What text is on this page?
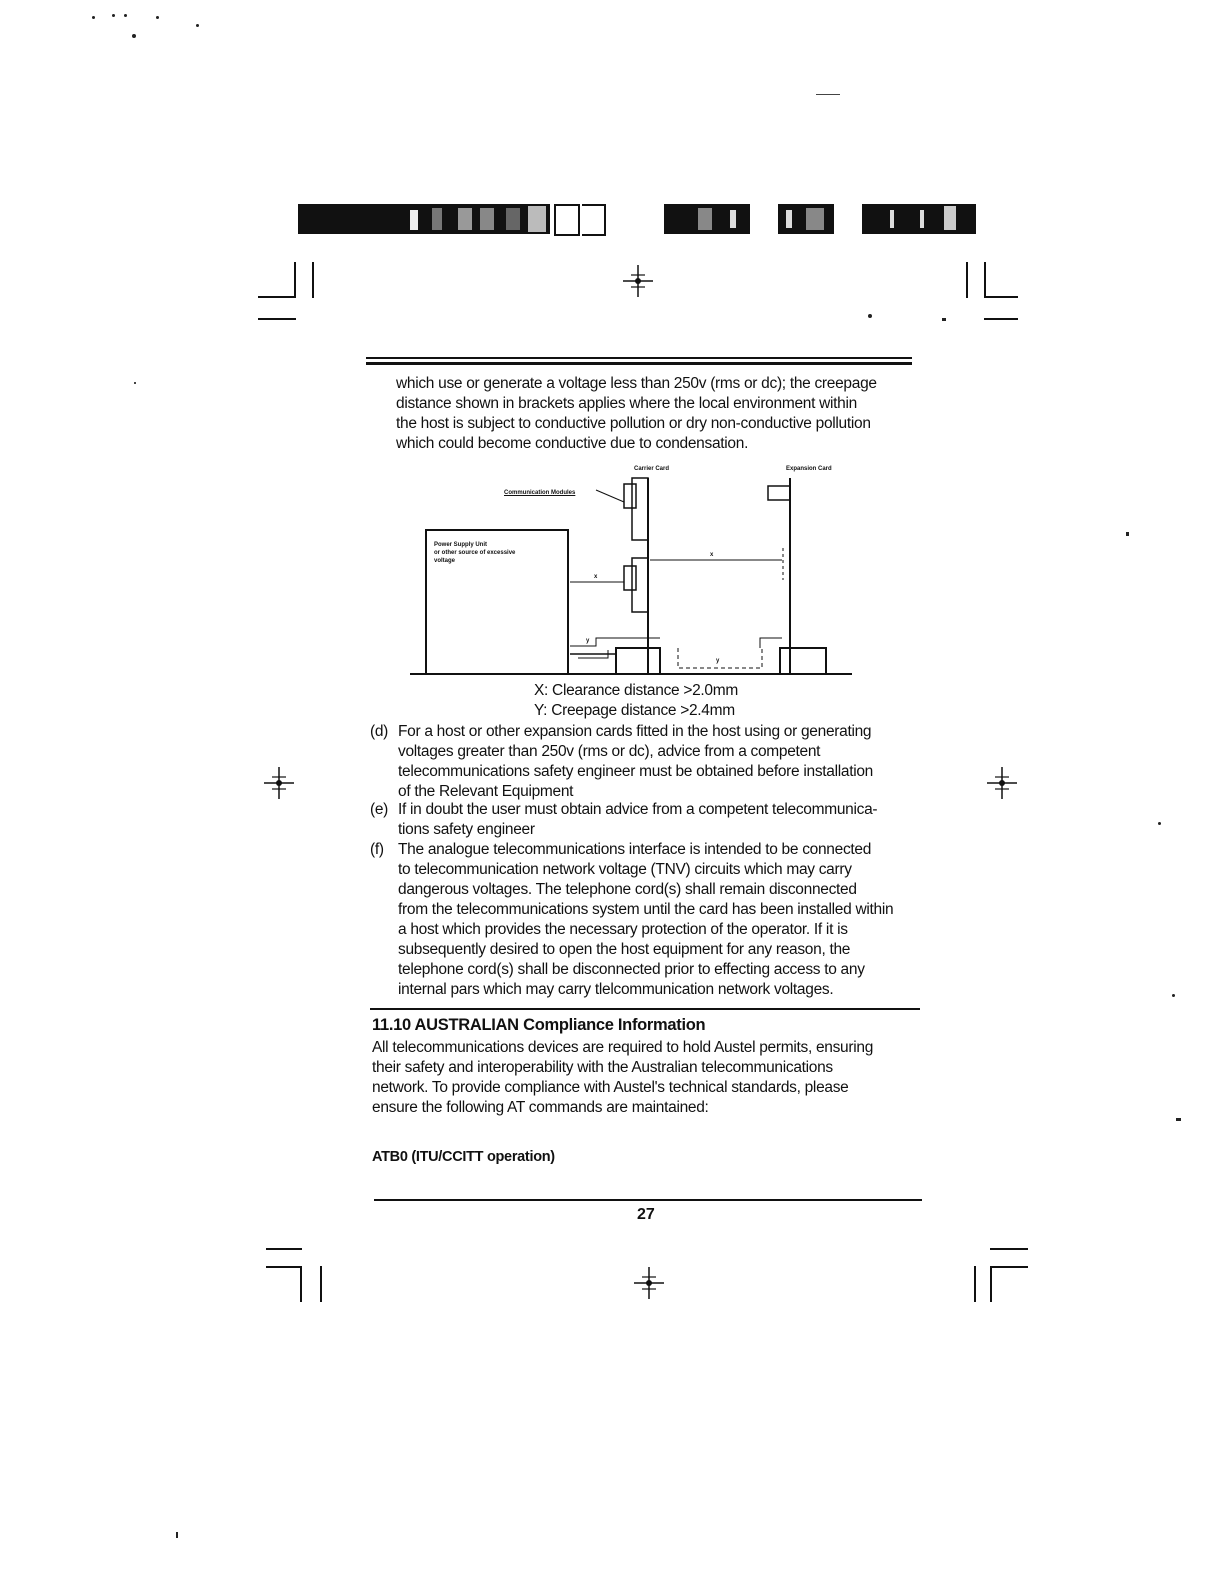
which use or generate a voltage less than 250v (rms or dc); the creepage
distance shown in brackets applies where the local environment within
the host is subject to conductive pollution or dry non-conductive pollution
which could become conductive due to condensation.
Carrier Card	Expansion Card
Communication Modules
Power Supply Unit
or other source of excessive
voltage
x
x
y
y
X: Clearance distance >2.0mm
Y: Creepage distance >2.4mm
(d) For a host or other expansion cards fitted in the host using or generating
voltages greater than 250v (rms or dc), advice from a competent
telecommunications safety engineer must be obtained before installation
of the Relevant Equipment
(e) If in doubt the user must obtain advice from a competent telecommunica-
tions safety engineer
(f) The analogue telecommunications interface is intended to be connected
to telecommunication network voltage (TNV) circuits which may carry
dangerous voltages. The telephone cord(s) shall remain disconnected
from the telecommunications system until the card has been installed within
a host which provides the necessary protection of the operator. If it is
subsequently desired to open the host equipment for any reason, the
telephone cord(s) shall be disconnected prior to effecting access to any
internal pars which may carry tlelcommunication network voltages.
11.10 AUSTRALIAN Compliance Information
All telecommunications devices are required to hold Austel permits, ensuring
their safety and interoperability with the Australian telecommunications
network. To provide compliance with Austel's technical standards, please
ensure the following AT commands are maintained:
ATB0 (ITU/CCITT operation)
27
